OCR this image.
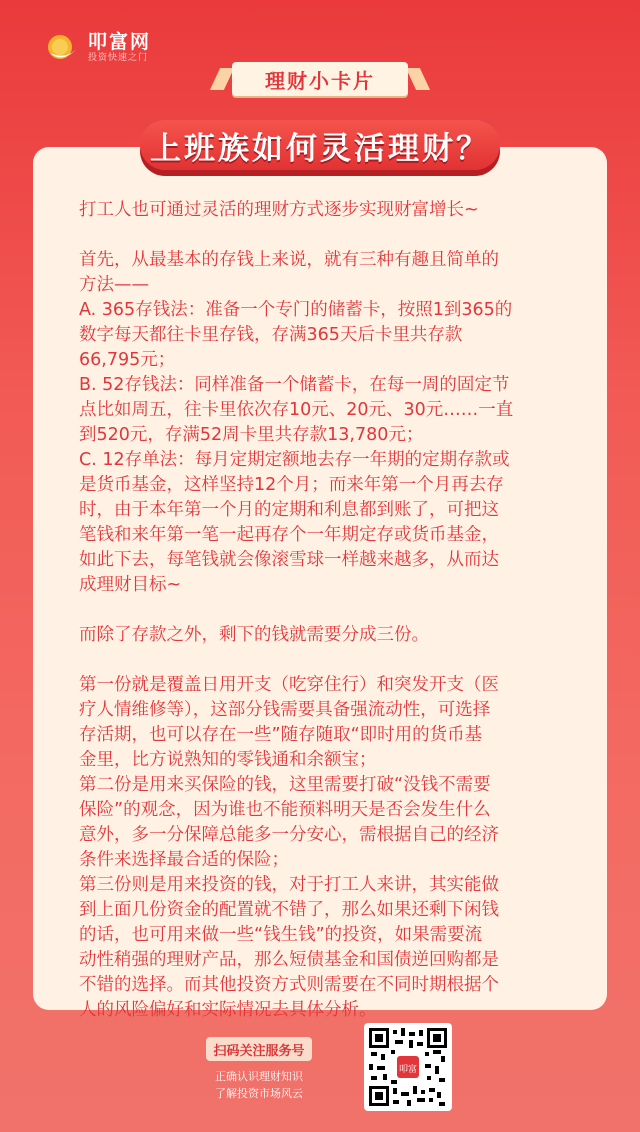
叩富网
投资快速之门
理财小卡片
上班族如何灵活理财？
打工人也可通过灵活的理财方式逐步实现财富增长~
首先，从最基本的存钱上来说，就有三种有趣且简单的
方法——
A. 365存钱法：准备一个专门的储蓄卡，按照1到365的
数字每天都往卡里存钱，存满365天后卡里共存款
66,795元；
B. 52存钱法：同样准备一个储蓄卡，在每一周的固定节
点比如周五，往卡里依次存10元、20元、30元……一直
到520元，存满52周卡里共存款13,780元；
C. 12存单法：每月定期定额地去存一年期的定期存款或
是货币基金，这样坚持12个月；而来年第一个月再去存
时，由于本年第一个月的定期和利息都到账了，可把这
笔钱和来年第一笔一起再存个一年期定存或货币基金，
如此下去，每笔钱就会像滚雪球一样越来越多，从而达
成理财目标~
而除了存款之外，剩下的钱就需要分成三份。
第一份就是覆盖日用开支（吃穿住行）和突发开支（医
疗人情维修等），这部分钱需要具备强流动性，可选择
存活期，也可以存在一些”随存随取“即时用的货币基
金里，比方说熟知的零钱通和余额宝；
第二份是用来买保险的钱，这里需要打破“没钱不需要
保险”的观念，因为谁也不能预料明天是否会发生什么
意外，多一分保障总能多一分安心，需根据自己的经济
条件来选择最合适的保险；
第三份则是用来投资的钱，对于打工人来讲，其实能做
到上面几份资金的配置就不错了，那么如果还剩下闲钱
的话，也可用来做一些“钱生钱”的投资，如果需要流
动性稍强的理财产品，那么短债基金和国债逆回购都是
不错的选择。而其他投资方式则需要在不同时期根据个
人的风险偏好和实际情况去具体分析。
扫码关注服务号
正确认识理财知识
了解投资市场风云
叩富
